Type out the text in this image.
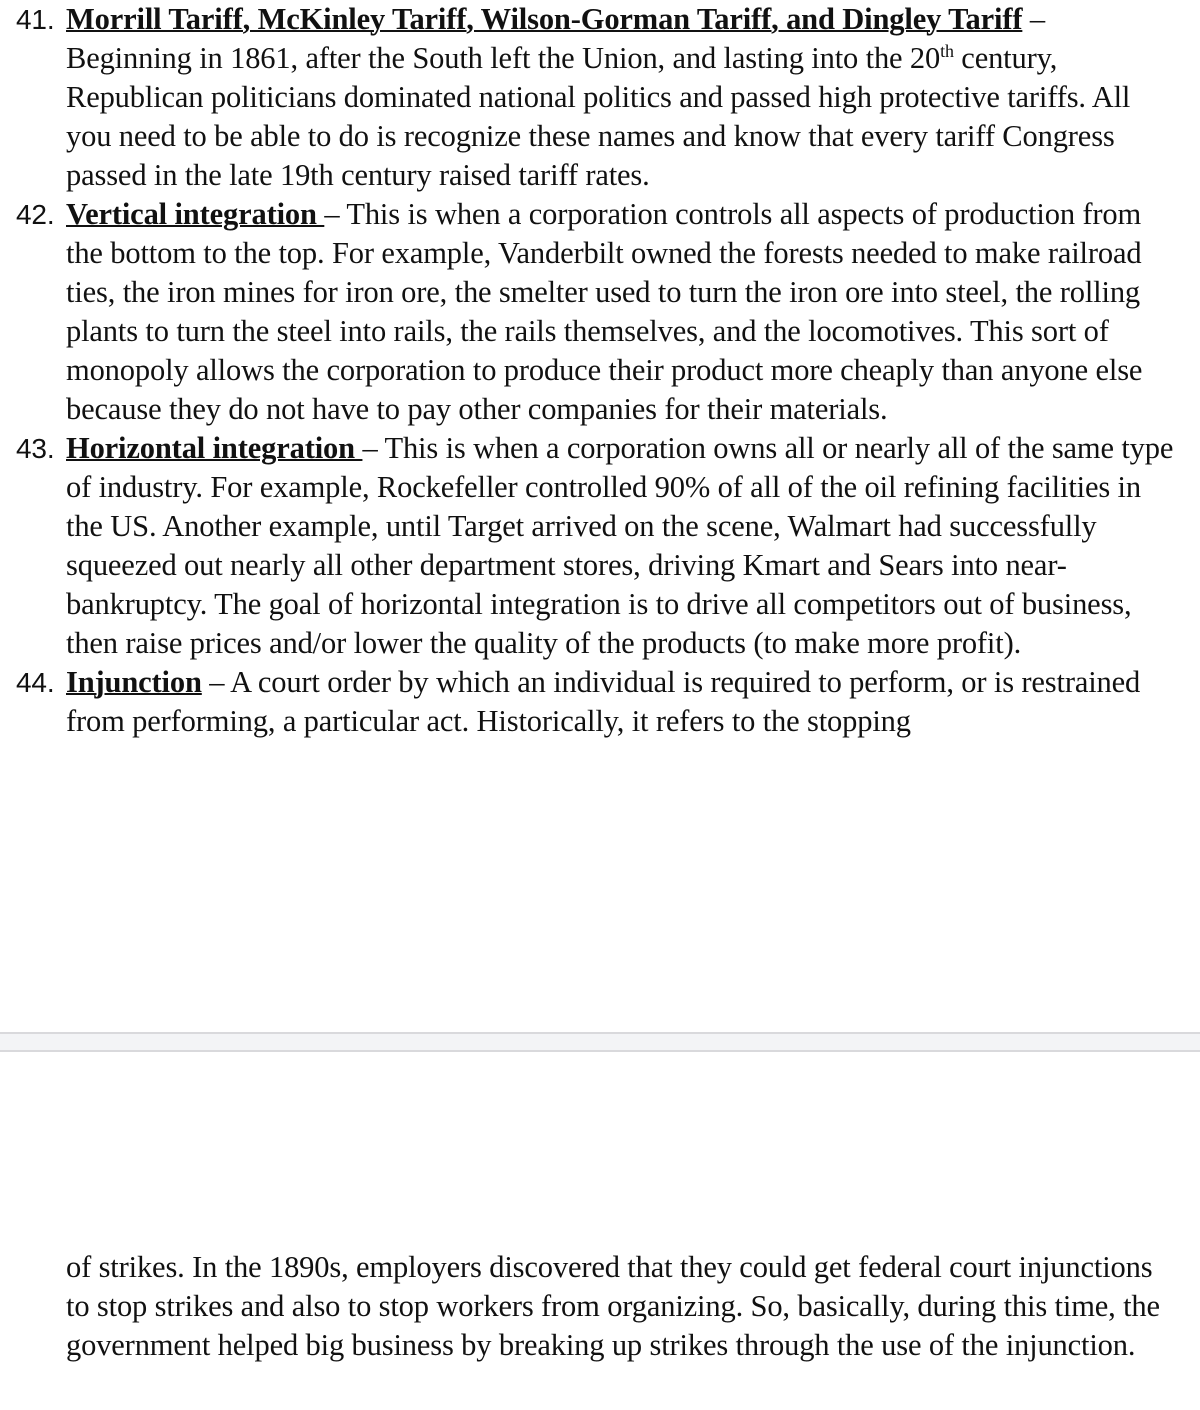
41. Morrill Tariff, McKinley Tariff, Wilson-Gorman Tariff, and Dingley Tariff – Beginning in 1861, after the South left the Union, and lasting into the 20th century, Republican politicians dominated national politics and passed high protective tariffs. All you need to be able to do is recognize these names and know that every tariff Congress passed in the late 19th century raised tariff rates.
42. Vertical integration – This is when a corporation controls all aspects of production from the bottom to the top. For example, Vanderbilt owned the forests needed to make railroad ties, the iron mines for iron ore, the smelter used to turn the iron ore into steel, the rolling plants to turn the steel into rails, the rails themselves, and the locomotives. This sort of monopoly allows the corporation to produce their product more cheaply than anyone else because they do not have to pay other companies for their materials.
43. Horizontal integration – This is when a corporation owns all or nearly all of the same type of industry. For example, Rockefeller controlled 90% of all of the oil refining facilities in the US. Another example, until Target arrived on the scene, Walmart had successfully squeezed out nearly all other department stores, driving Kmart and Sears into near-bankruptcy. The goal of horizontal integration is to drive all competitors out of business, then raise prices and/or lower the quality of the products (to make more profit).
44. Injunction – A court order by which an individual is required to perform, or is restrained from performing, a particular act. Historically, it refers to the stopping
of strikes. In the 1890s, employers discovered that they could get federal court injunctions to stop strikes and also to stop workers from organizing. So, basically, during this time, the government helped big business by breaking up strikes through the use of the injunction.
